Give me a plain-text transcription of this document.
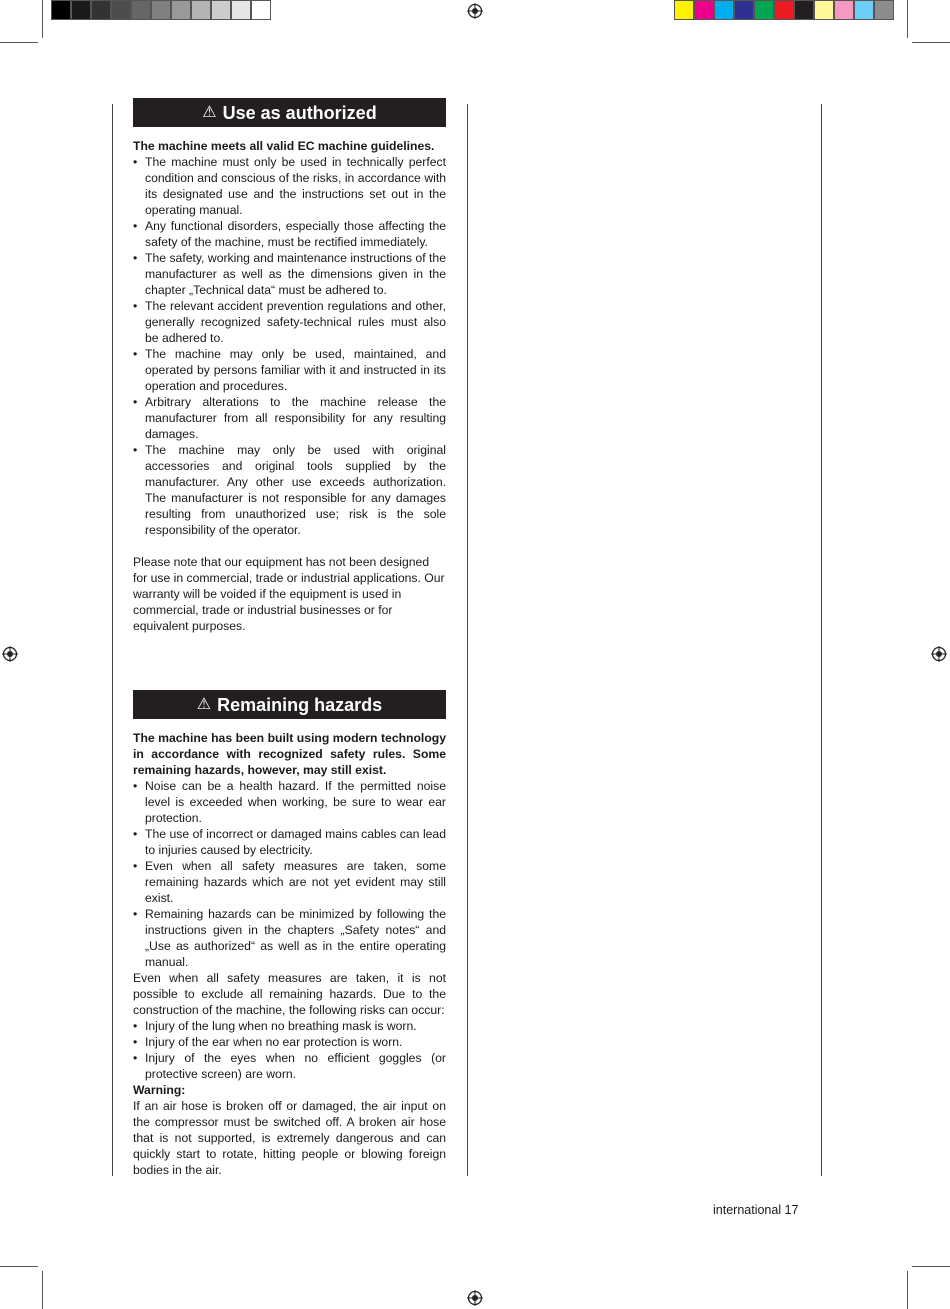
⚠ Use as authorized

The machine meets all valid EC machine guidelines.

• The machine must only be used in technically perfect condition and conscious of the risks, in accordance with its designated use and the instructions set out in the operating manual.
• Any functional disorders, especially those affecting the safety of the machine, must be rectified immediately.
• The safety, working and maintenance instructions of the manufacturer as well as the dimensions given in the chapter „Technical data“ must be adhered to.
• The relevant accident prevention regulations and other, generally recognized safety-technical rules must also be adhered to.
• The machine may only be used, maintained, and operated by persons familiar with it and instructed in its operation and procedures.
• Arbitrary alterations to the machine release the manufacturer from all responsibility for any resulting damages.
• The machine may only be used with original accessories and original tools supplied by the manufacturer. Any other use exceeds authorization. The manufacturer is not responsible for any damages resulting from unauthorized use; risk is the sole responsibility of the operator.

Please note that our equipment has not been designed for use in commercial, trade or industrial applications. Our warranty will be voided if the equipment is used in commercial, trade or industrial businesses or for equivalent purposes.

⚠ Remaining hazards

The machine has been built using modern technology in accordance with recognized safety rules. Some remaining hazards, however, may still exist.

• Noise can be a health hazard. If the permitted noise level is exceeded when working, be sure to wear ear protection.
• The use of incorrect or damaged mains cables can lead to injuries caused by electricity.
• Even when all safety measures are taken, some remaining hazards which are not yet evident may still exist.
• Remaining hazards can be minimized by following the instructions given in the chapters „Safety notes“ and „Use as authorized“ as well as in the entire operating manual.

Even when all safety measures are taken, it is not possible to exclude all remaining hazards. Due to the construction of the machine, the following risks can occur:

• Injury of the lung when no breathing mask is worn.
• Injury of the ear when no ear protection is worn.
• Injury of the eyes when no efficient goggles (or protective screen) are worn.

Warning:

If an air hose is broken off or damaged, the air input on the compressor must be switched off. A broken air hose that is not supported, is extremely dangerous and can quickly start to rotate, hitting people or blowing foreign bodies in the air.

international 17
